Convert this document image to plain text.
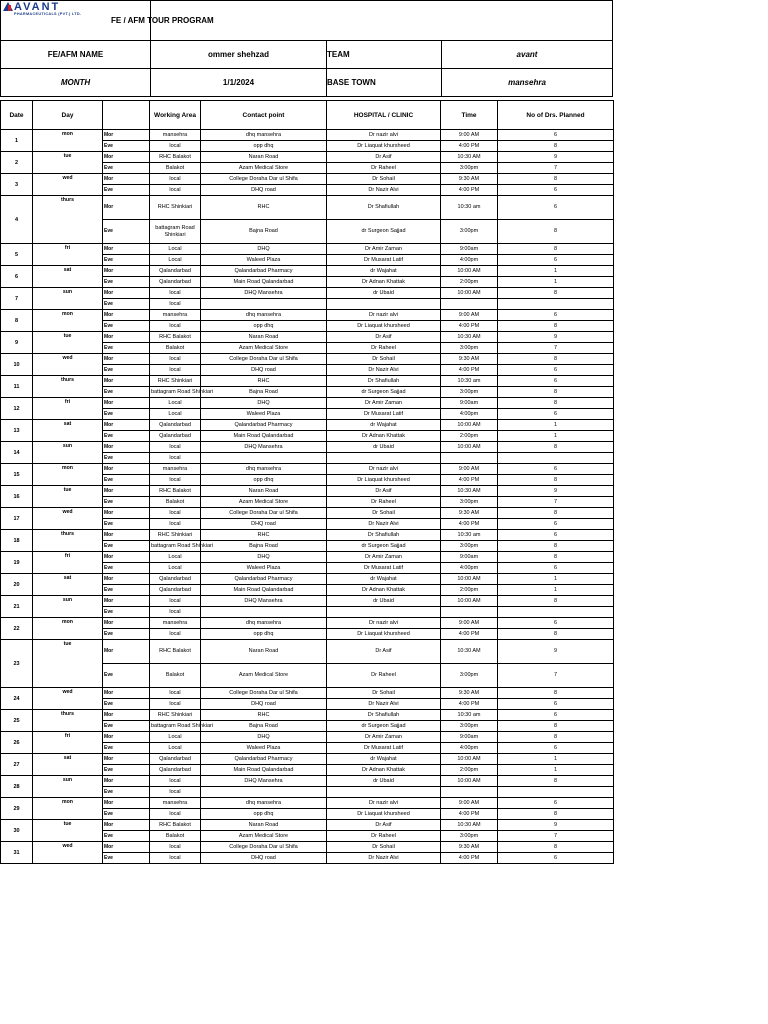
AVANT
PHARMACEUTICALS (PVT.) LTD.	FE / AFM TOUR PROGRAM		

FE/AFM NAME	ommer shehzad	TEAM	avant
MONTH	1/1/2024	BASE TOWN	mansehra
Date	Day		Working Area	Contact point	HOSPITAL / CLINIC	Time	No of Drs. Planned
1	mon	Mor	mansehra	dhq mansehra	Dr nazir alvi	9:00 AM	6
		Eve	local	opp dhq	Dr Liaquat khursheed	4:00 PM	8
2	tue	Mor	RHC Balakot	Naran Road	Dr Asif	10:30 AM	9
		Eve	Balakot	Azam Medical Store	Dr Raheel	3:00pm	7
3	wed	Mor	local	College Doraha Dar ul Shifa	Dr Sohail	9:30 AM	8
		Eve	local	DHQ road	Dr Nazir Alvi	4:00 PM	6
4	thurs	Mor	RHC Shinkiari	RHC	Dr Shafiullah	10:30 am	6
		Eve	battagram Road Shinkiari	Bajna Road	dr Surgeon Sajjad	3:00pm	8
5	fri	Mor	Local	DHQ	Dr Amir Zaman	9:00am	8
		Eve	Local	Waleed Plaza	Dr Musarat Latif	4:00pm	6
6	sat	Mor	Qalandarbad	Qalandarbad Pharmacy	dr Wajahat	10:00 AM	1
		Eve	Qalandarbad	Main Road Qalandarbad	Dr Adnan Khattak	2:00pm	1
7	sun	Mor	local	DHQ Mansehra	dr Ubaid	10:00 AM	8
		Eve	local				
8	mon	Mor	mansehra	dhq mansehra	Dr nazir alvi	9:00 AM	6
		Eve	local	opp dhq	Dr Liaquat khursheed	4:00 PM	8
9	tue	Mor	RHC Balakot	Naran Road	Dr Asif	10:30 AM	9
		Eve	Balakot	Azam Medical Store	Dr Raheel	3:00pm	7
10	wed	Mor	local	College Doraha Dar ul Shifa	Dr Sohail	9:30 AM	8
		Eve	local	DHQ road	Dr Nazir Alvi	4:00 PM	6
11	thurs	Mor	RHC Shinkiari	RHC	Dr Shafiullah	10:30 am	6
		Eve	battagram Road Shinkiari	Bajna Road	dr Surgeon Sajjad	3:00pm	8
12	fri	Mor	Local	DHQ	Dr Amir Zaman	9:00am	8
		Eve	Local	Waleed Plaza	Dr Musarat Latif	4:00pm	6
13	sat	Mor	Qalandarbad	Qalandarbad Pharmacy	dr Wajahat	10:00 AM	1
		Eve	Qalandarbad	Main Road Qalandarbad	Dr Adnan Khattak	2:00pm	1
14	sun	Mor	local	DHQ Mansehra	dr Ubaid	10:00 AM	8
		Eve	local				
15	mon	Mor	mansehra	dhq mansehra	Dr nazir alvi	9:00 AM	6
		Eve	local	opp dhq	Dr Liaquat khursheed	4:00 PM	8
16	tue	Mor	RHC Balakot	Naran Road	Dr Asif	10:30 AM	9
		Eve	Balakot	Azam Medical Store	Dr Raheel	3:00pm	7
17	wed	Mor	local	College Doraha Dar ul Shifa	Dr Sohail	9:30 AM	8
		Eve	local	DHQ road	Dr Nazir Alvi	4:00 PM	6
18	thurs	Mor	RHC Shinkiari	RHC	Dr Shafiullah	10:30 am	6
		Eve	battagram Road Shinkiari	Bajna Road	dr Surgeon Sajjad	3:00pm	8
19	fri	Mor	Local	DHQ	Dr Amir Zaman	9:00am	8
		Eve	Local	Waleed Plaza	Dr Musarat Latif	4:00pm	6
20	sat	Mor	Qalandarbad	Qalandarbad Pharmacy	dr Wajahat	10:00 AM	1
		Eve	Qalandarbad	Main Road Qalandarbad	Dr Adnan Khattak	2:00pm	1
21	sun	Mor	local	DHQ Mansehra	dr Ubaid	10:00 AM	8
		Eve	local				
22	mon	Mor	mansehra	dhq mansehra	Dr nazir alvi	9:00 AM	6
		Eve	local	opp dhq	Dr Liaquat khursheed	4:00 PM	8
23	tue	Mor	RHC Balakot	Naran Road	Dr Asif	10:30 AM	9
		Eve	Balakot	Azam Medical Store	Dr Raheel	3:00pm	7
24	wed	Mor	local	College Doraha Dar ul Shifa	Dr Sohail	9:30 AM	8
		Eve	local	DHQ road	Dr Nazir Alvi	4:00 PM	6
25	thurs	Mor	RHC Shinkiari	RHC	Dr Shafiullah	10:30 am	6
		Eve	battagram Road Shinkiari	Bajna Road	dr Surgeon Sajjad	3:00pm	8
26	fri	Mor	Local	DHQ	Dr Amir Zaman	9:00am	8
		Eve	Local	Waleed Plaza	Dr Musarat Latif	4:00pm	6
27	sat	Mor	Qalandarbad	Qalandarbad Pharmacy	dr Wajahat	10:00 AM	1
		Eve	Qalandarbad	Main Road Qalandarbad	Dr Adnan Khattak	2:00pm	1
28	sun	Mor	local	DHQ Mansehra	dr Ubaid	10:00 AM	8
		Eve	local				
29	mon	Mor	mansehra	dhq mansehra	Dr nazir alvi	9:00 AM	6
		Eve	local	opp dhq	Dr Liaquat khursheed	4:00 PM	8
30	tue	Mor	RHC Balakot	Naran Road	Dr Asif	10:30 AM	9
		Eve	Balakot	Azam Medical Store	Dr Raheel	3:00pm	7
31	wed	Mor	local	College Doraha Dar ul Shifa	Dr Sohail	9:30 AM	8
		Eve	local	DHQ road	Dr Nazir Alvi	4:00 PM	6
